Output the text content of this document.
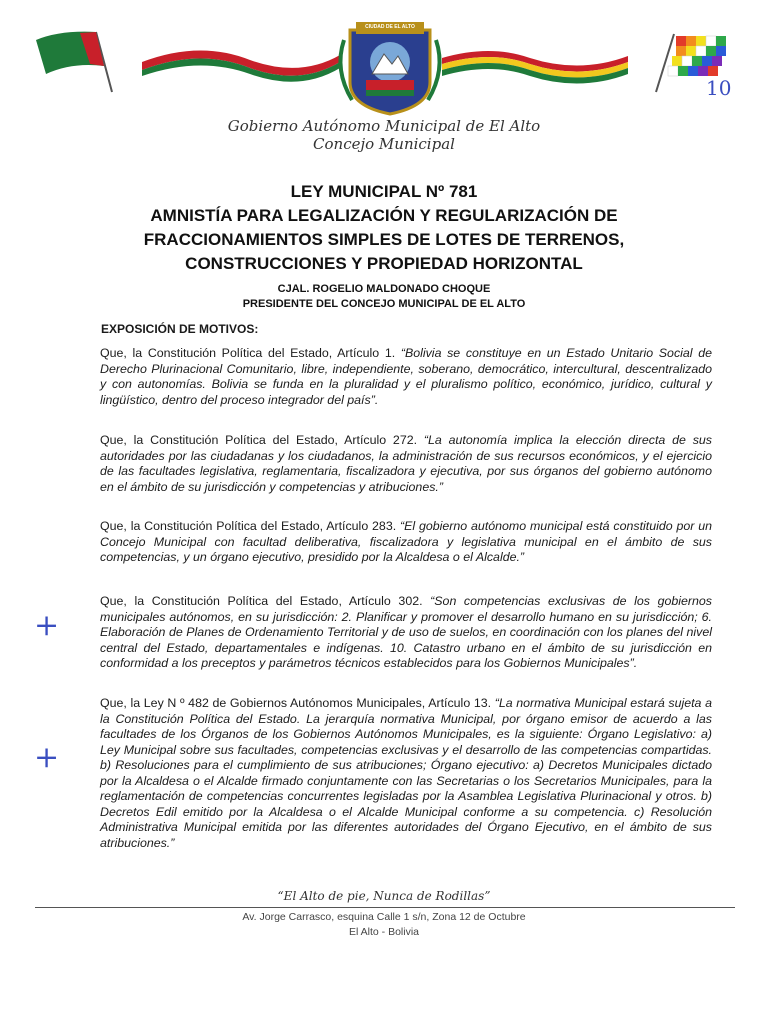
CIUDAD DE EL ALTO
10
Gobierno Autónomo Municipal de El Alto
Concejo Municipal
LEY MUNICIPAL Nº 781
AMNISTÍA PARA LEGALIZACIÓN Y REGULARIZACIÓN DE
FRACCIONAMIENTOS SIMPLES DE LOTES DE TERRENOS,
CONSTRUCCIONES Y PROPIEDAD HORIZONTAL
CJAL. ROGELIO MALDONADO CHOQUE
PRESIDENTE DEL CONCEJO MUNICIPAL DE EL ALTO
EXPOSICIÓN DE MOTIVOS:
Que, la Constitución Política del Estado, Artículo 1. “Bolivia se constituye en un Estado Unitario Social de Derecho Plurinacional Comunitario, libre, independiente, soberano, democrático, intercultural, descentralizado y con autonomías. Bolivia se funda en la pluralidad y el pluralismo político, económico, jurídico, cultural y lingüístico, dentro del proceso integrador del país”.
Que, la Constitución Política del Estado, Artículo 272. “La autonomía implica la elección directa de sus autoridades por las ciudadanas y los ciudadanos, la administración de sus recursos económicos, y el ejercicio de las facultades legislativa, reglamentaria, fiscalizadora y ejecutiva, por sus órganos del gobierno autónomo en el ámbito de su jurisdicción y competencias y atribuciones.”
Que, la Constitución Política del Estado, Artículo 283. “El gobierno autónomo municipal está constituido por un Concejo Municipal con facultad deliberativa, fiscalizadora y legislativa municipal en el ámbito de sus competencias, y un órgano ejecutivo, presidido por la Alcaldesa o el Alcalde.”
Que, la Constitución Política del Estado, Artículo 302. “Son competencias exclusivas de los gobiernos municipales autónomos, en su jurisdicción: 2. Planificar y promover el desarrollo humano en su jurisdicción; 6. Elaboración de Planes de Ordenamiento Territorial y de uso de suelos, en coordinación con los planes del nivel central del Estado, departamentales e indígenas. 10. Catastro urbano en el ámbito de su jurisdicción en conformidad a los preceptos y parámetros técnicos establecidos para los Gobiernos Municipales”.
Que, la Ley N º 482 de Gobiernos Autónomos Municipales, Artículo 13. “La normativa Municipal estará sujeta a la Constitución Política del Estado. La jerarquía normativa Municipal, por órgano emisor de acuerdo a las facultades de los Órganos de los Gobiernos Autónomos Municipales, es la siguiente: Órgano Legislativo: a) Ley Municipal sobre sus facultades, competencias exclusivas y el desarrollo de las competencias compartidas. b) Resoluciones para el cumplimiento de sus atribuciones; Órgano ejecutivo: a) Decretos Municipales dictado por la Alcaldesa o el Alcalde firmado conjuntamente con las Secretarias o los Secretarios Municipales, para la reglamentación de competencias concurrentes legisladas por la Asamblea Legislativa Plurinacional y otros. b) Decretos Edil emitido por la Alcaldesa o el Alcalde Municipal conforme a su competencia. c) Resolución Administrativa Municipal emitida por las diferentes autoridades del Órgano Ejecutivo, en el ámbito de sus atribuciones.”
+
+
“El Alto de pie, Nunca de Rodillas”
Av. Jorge Carrasco, esquina Calle 1 s/n, Zona 12 de Octubre
El Alto - Bolivia
